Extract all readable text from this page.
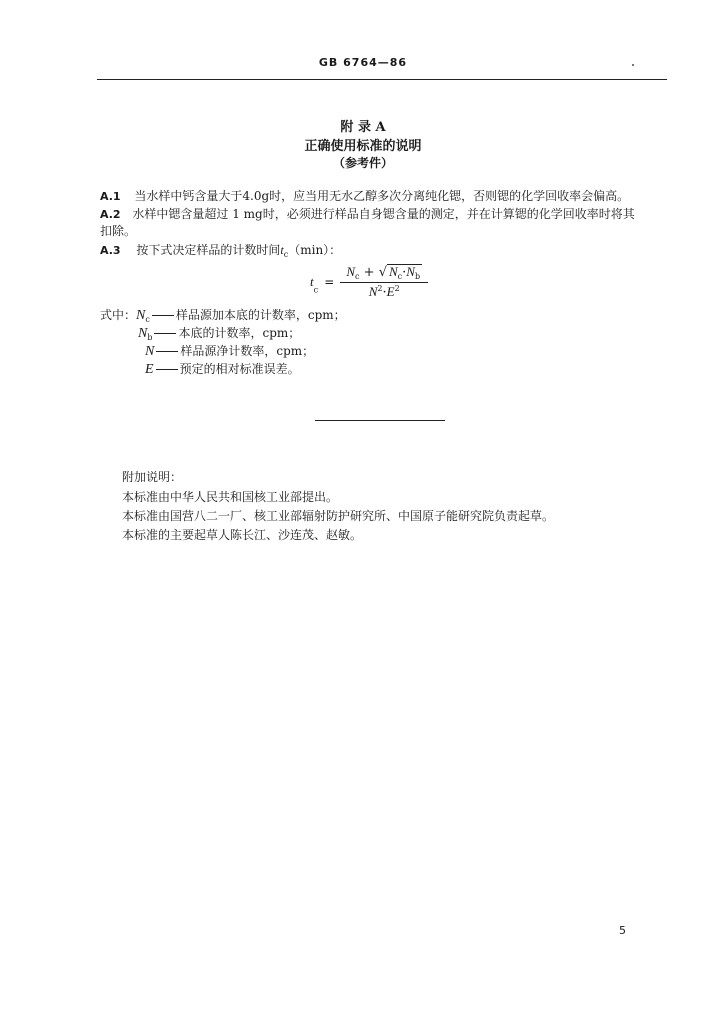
GB 6764—86
附 录 A
正确使用标准的说明
（参考件）
A.1 当水样中钙含量大于4.0g时，应当用无水乙醇多次分离纯化锶，否则锶的化学回收率会偏高。
A.2 水样中锶含量超过 1 mg时，必须进行样品自身锶含量的测定，并在计算锶的化学回收率时将其
扣除。
A.3 按下式决定样品的计数时间$t_c(\min)$：
$t_c = \frac{N_c + √ N_c\cdot N_b}{N^2\cdot E^2}$
式中：$N_c$ 样品源加本底的计数率，cpm；
$N_b$ 本底的计数率，cpm；
N 样品源净计数率，cpm；
E 预定的相对标准误差。
附加说明：
本标准由中华人民共和国核工业部提出。
本标准由国营八二一厂、核工业部辐射防护研究所、中国原子能研究院负责起草。
本标准的主要起草人陈长江、沙连茂、赵敏。
5
